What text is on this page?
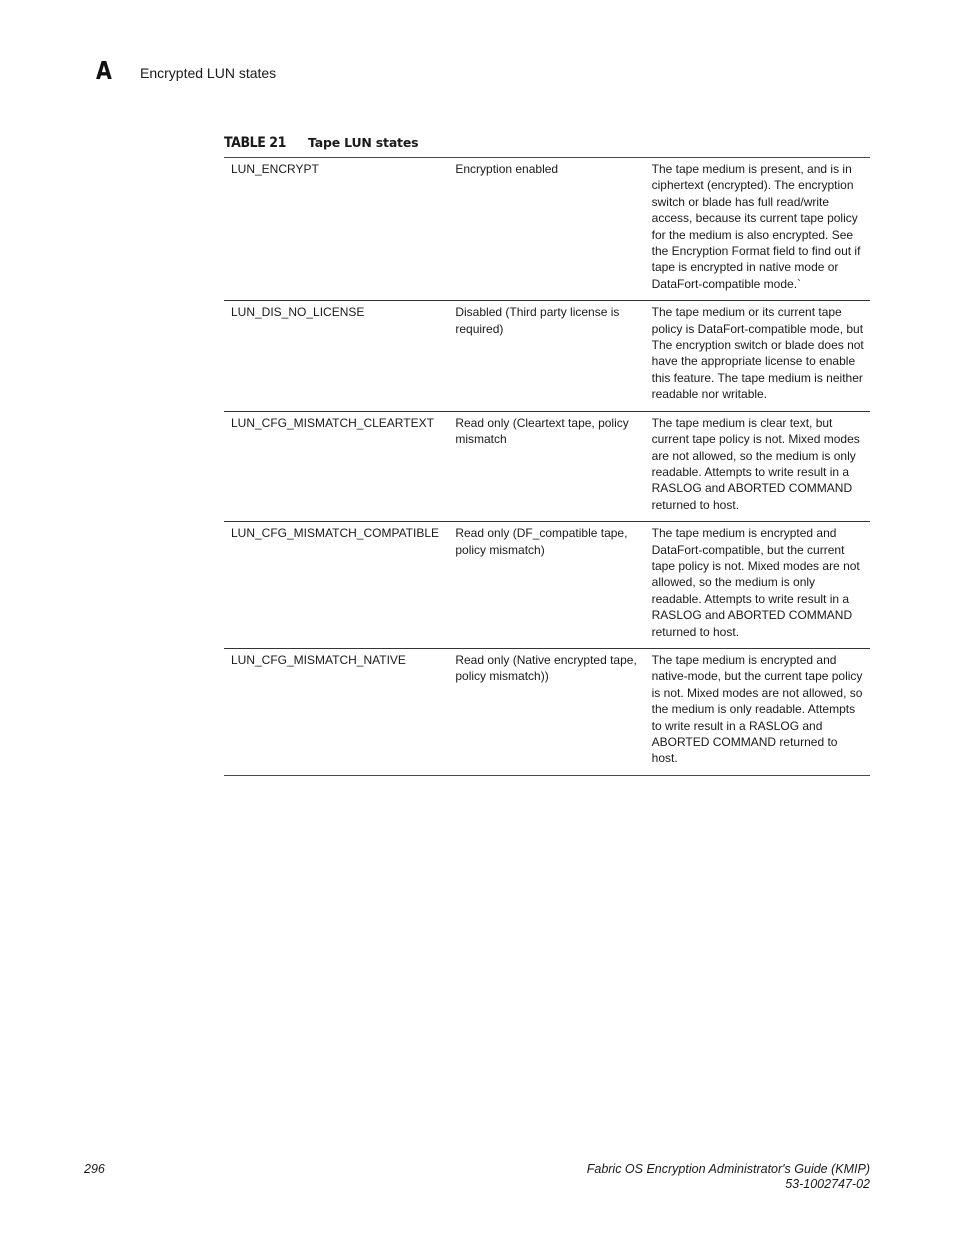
A Encrypted LUN states
TABLE 21 Tape LUN states
LUN_ENCRYPT	Encryption enabled	The tape medium is present, and is in ciphertext (encrypted). The encryption switch or blade has full read/write access, because its current tape policy for the medium is also encrypted. See the Encryption Format field to find out if tape is encrypted in native mode or DataFort-compatible mode.`
LUN_DIS_NO_LICENSE	Disabled (Third party license is required)	The tape medium or its current tape policy is DataFort-compatible mode, but The encryption switch or blade does not have the appropriate license to enable this feature. The tape medium is neither readable nor writable.
LUN_CFG_MISMATCH_CLEARTEXT	Read only (Cleartext tape, policy mismatch	The tape medium is clear text, but current tape policy is not. Mixed modes are not allowed, so the medium is only readable. Attempts to write result in a RASLOG and ABORTED COMMAND returned to host.
LUN_CFG_MISMATCH_COMPATIBLE	Read only (DF_compatible tape, policy mismatch)	The tape medium is encrypted and DataFort-compatible, but the current tape policy is not. Mixed modes are not allowed, so the medium is only readable. Attempts to write result in a RASLOG and ABORTED COMMAND returned to host.
LUN_CFG_MISMATCH_NATIVE	Read only (Native encrypted tape, policy mismatch))	The tape medium is encrypted and native-mode, but the current tape policy is not. Mixed modes are not allowed, so the medium is only readable. Attempts to write result in a RASLOG and ABORTED COMMAND returned to host.
296	Fabric OS Encryption Administrator's Guide (KMIP)
53-1002747-02
